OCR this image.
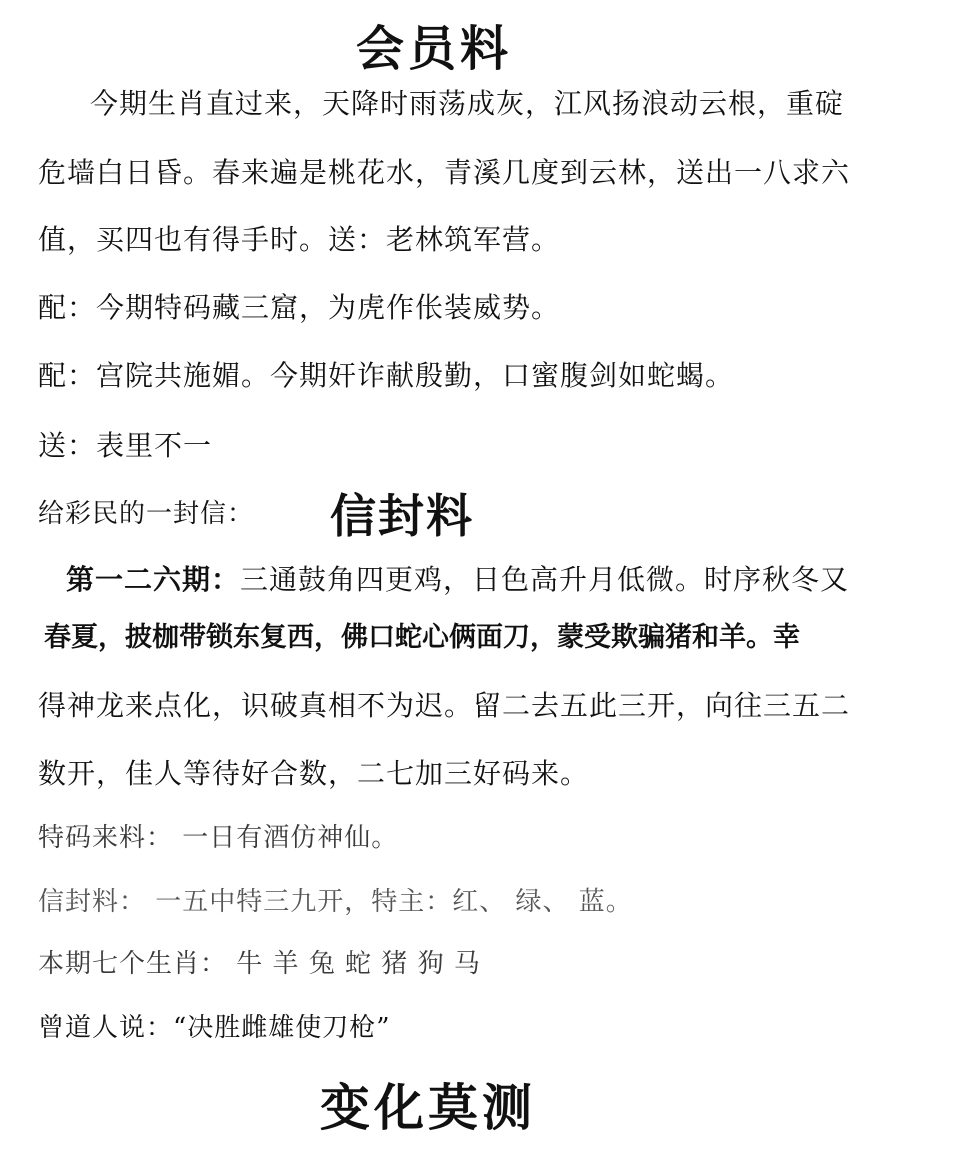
会员料
今期生肖直过来，天降时雨荡成灰，江风扬浪动云根，重碇
危墙白日昏。春来遍是桃花水，青溪几度到云林，送出一八求六
值，买四也有得手时。送：老林筑军营。
配：今期特码藏三窟，为虎作伥装威势。
配：宫院共施媚。今期奸诈献殷勤，口蜜腹剑如蛇蝎。
送：表里不一
给彩民的一封信： 信封料
第一二六期：三通鼓角四更鸡，日色高升月低微。时序秋冬又
春夏，披枷带锁东复西，佛口蛇心俩面刀，蒙受欺骗猪和羊。幸
得神龙来点化，识破真相不为迟。留二去五此三开，向往三五二
数开，佳人等待好合数，二七加三好码来。
特码来料： 一日有酒仿神仙。
信封料： 一五中特三九开，特主：红、 绿、 蓝。
本期七个生肖： 牛 羊 兔 蛇 猪 狗 马
曾道人说：“决胜雌雄使刀枪”
变化莫测
